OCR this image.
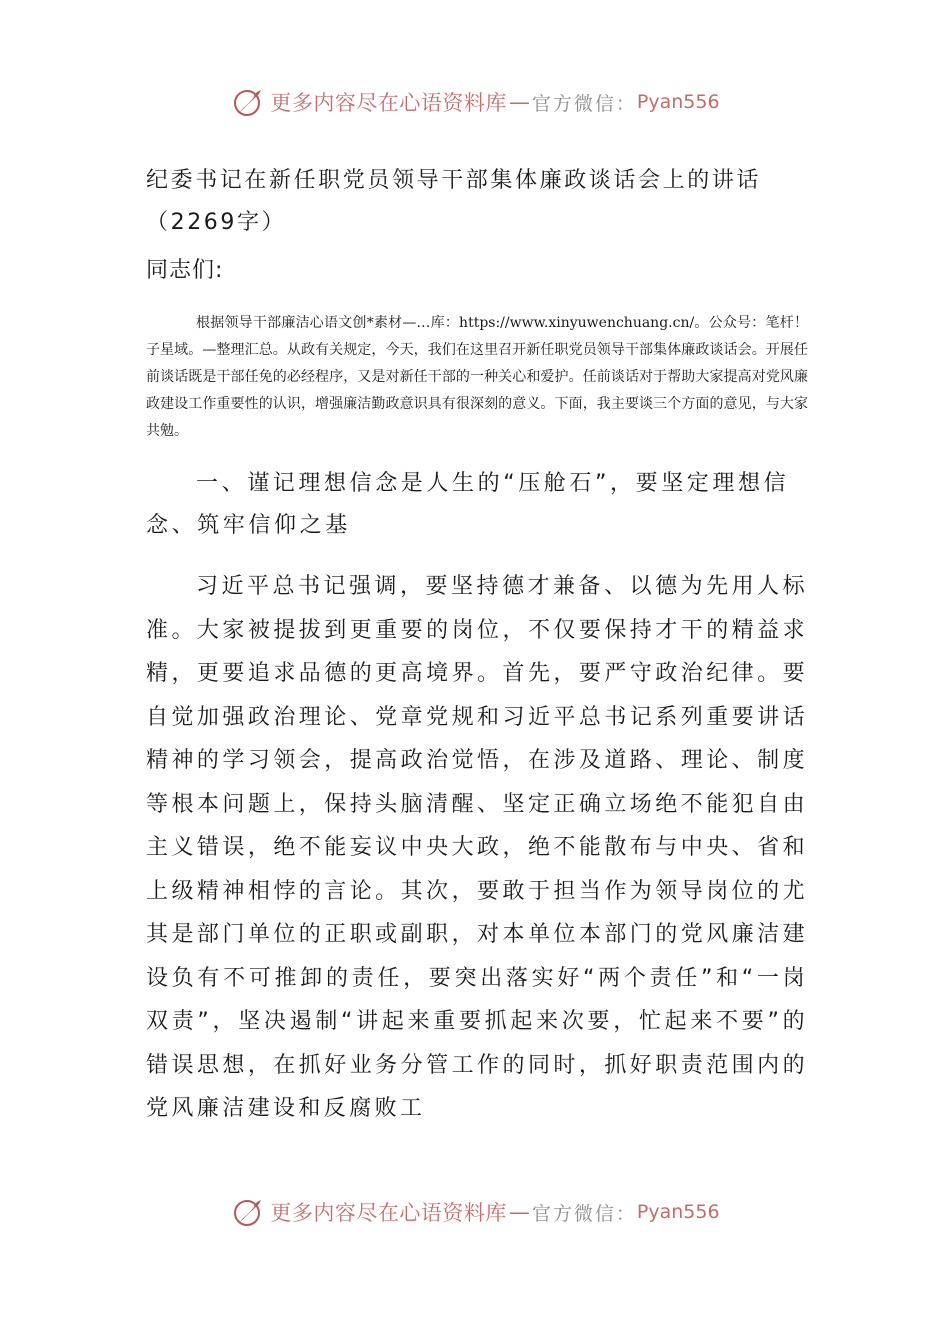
更多内容尽在心语资料库 — 官方微信： Pyan556
纪委书记在新任职党员领导干部集体廉政谈话会上的讲话（2269字）

同志们:

根据领导干部廉洁心语文创*素材—…库：https://www.xinyuwenchuang.cn/。公众号：笔杆！子星域。—整理汇总。从政有关规定，今天，我们在这里召开新任职党员领导干部集体廉政谈话会。开展任前谈话既是干部任免的必经程序，又是对新任干部的一种关心和爱护。任前谈话对于帮助大家提高对党风廉政建设工作重要性的认识，增强廉洁勤政意识具有很深刻的意义。下面，我主要谈三个方面的意见，与大家共勉。

一、谨记理想信念是人生的“压舱石”，要坚定理想信念、筑牢信仰之基

习近平总书记强调，要坚持德才兼备、以德为先用人标准。大家被提拔到更重要的岗位，不仅要保持才干的精益求精，更要追求品德的更高境界。首先，要严守政治纪律。要自觉加强政治理论、党章党规和习近平总书记系列重要讲话精神的学习领会，提高政治觉悟，在涉及道路、理论、制度等根本问题上，保持头脑清醒、坚定正确立场绝不能犯自由主义错误，绝不能妄议中央大政，绝不能散布与中央、省和上级精神相悖的言论。其次，要敢于担当作为领导岗位的尤其是部门单位的正职或副职，对本单位本部门的党风廉洁建设负有不可推卸的责任，要突出落实好“两个责任”和“一岗双责”，坚决遏制“讲起来重要抓起来次要，忙起来不要”的错误思想，在抓好业务分管工作的同时，抓好职责范围内的党风廉洁建设和反腐败工

更多内容尽在心语资料库 — 官方微信： Pyan556
